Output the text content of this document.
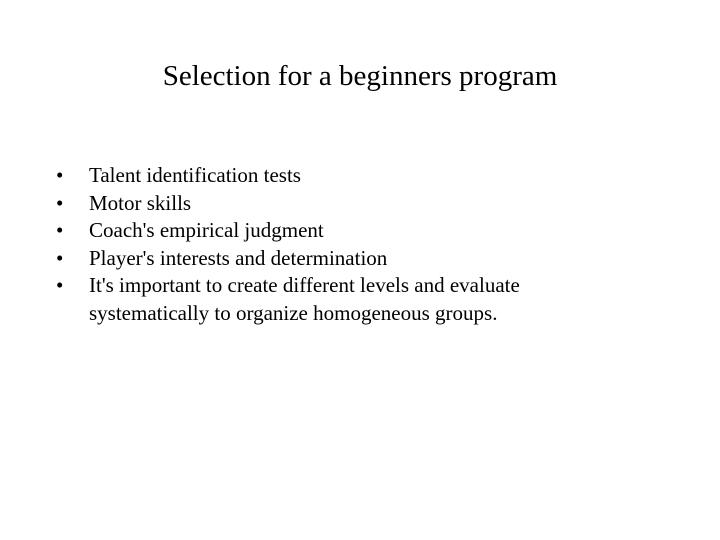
Selection for a beginners program
• Talent identification tests
• Motor skills
• Coach's empirical judgment
• Player's interests and determination
• It's important to create different levels and evaluate systematically to organize homogeneous groups.
